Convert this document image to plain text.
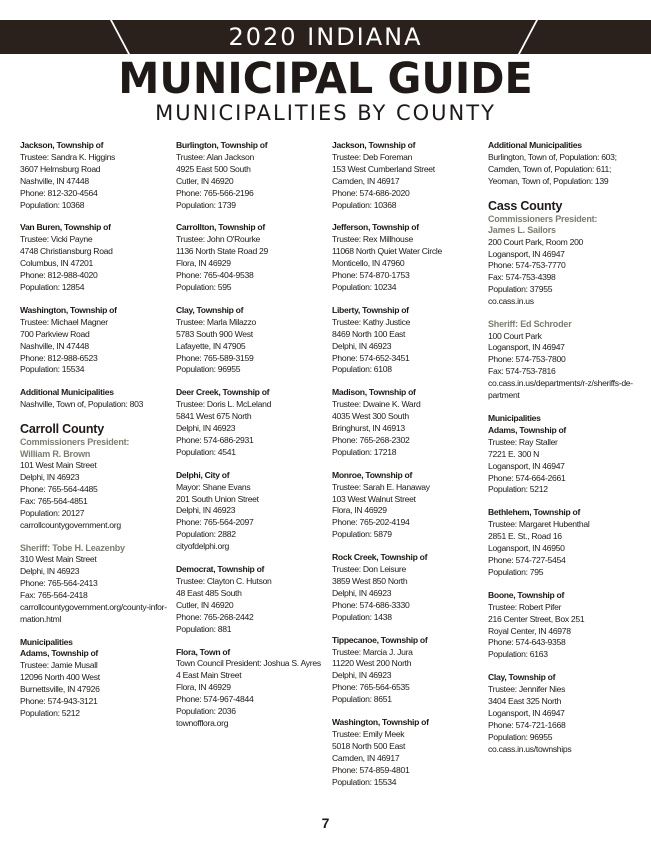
2020 INDIANA
MUNICIPAL GUIDE
MUNICIPALITIES BY COUNTY
Jackson, Township of
Trustee: Sandra K. Higgins
3607 Helmsburg Road
Nashville, IN 47448
Phone: 812-320-4564
Population: 10368
Van Buren, Township of
Trustee: Vicki Payne
4748 Christiansburg Road
Columbus, IN 47201
Phone: 812-988-4020
Population: 12854
Washington, Township of
Trustee: Michael Magner
700 Parkview Road
Nashville, IN 47448
Phone: 812-988-6523
Population: 15534
Additional Municipalities
Nashville, Town of, Population: 803
Carroll County
Commissioners President:
William R. Brown
101 West Main Street
Delphi, IN 46923
Phone: 765-564-4485
Fax: 765-564-4851
Population: 20127
carrollcountygovernment.org
Sheriff: Tobe H. Leazenby
310 West Main Street
Delphi, IN 46923
Phone: 765-564-2413
Fax: 765-564-2418
carrollcountygovernment.org/county-infor-mation.html
Municipalities
Adams, Township of
Trustee: Jamie Musall
12096 North 400 West
Burnettsville, IN 47926
Phone: 574-943-3121
Population: 5212
Burlington, Township of
Trustee: Alan Jackson
4925 East 500 South
Cutler, IN 46920
Phone: 765-566-2196
Population: 1739
Carrollton, Township of
Trustee: John O'Rourke
1136 North State Road 29
Flora, IN 46929
Phone: 765-404-9538
Population: 595
Clay, Township of
Trustee: Marla Milazzo
5783 South 900 West
Lafayette, IN 47905
Phone: 765-589-3159
Population: 96955
Deer Creek, Township of
Trustee: Doris L. McLeland
5841 West 675 North
Delphi, IN 46923
Phone: 574-686-2931
Population: 4541
Delphi, City of
Mayor: Shane Evans
201 South Union Street
Delphi, IN 46923
Phone: 765-564-2097
Population: 2882
cityofdelphi.org
Democrat, Township of
Trustee: Clayton C. Hutson
48 East 485 South
Cutler, IN 46920
Phone: 765-268-2442
Population: 881
Flora, Town of
Town Council President: Joshua S. Ayres
4 East Main Street
Flora, IN 46929
Phone: 574-967-4844
Population: 2036
townofflora.org
Jackson, Township of
Trustee: Deb Foreman
153 West Cumberland Street
Camden, IN 46917
Phone: 574-686-2020
Population: 10368
Jefferson, Township of
Trustee: Rex Millhouse
11068 North Quiet Water Circle
Monticello, IN 47960
Phone: 574-870-1753
Population: 10234
Liberty, Township of
Trustee: Kathy Justice
8469 North 100 East
Delphi, IN 46923
Phone: 574-652-3451
Population: 6108
Madison, Township of
Trustee: Dwaine K. Ward
4035 West 300 South
Bringhurst, IN 46913
Phone: 765-268-2302
Population: 17218
Monroe, Township of
Trustee: Sarah E. Hanaway
103 West Walnut Street
Flora, IN 46929
Phone: 765-202-4194
Population: 5879
Rock Creek, Township of
Trustee: Don Leisure
3859 West 850 North
Delphi, IN 46923
Phone: 574-686-3330
Population: 1438
Tippecanoe, Township of
Trustee: Marcia J. Jura
11220 West 200 North
Delphi, IN 46923
Phone: 765-564-6535
Population: 8651
Washington, Township of
Trustee: Emily Meek
5018 North 500 East
Camden, IN 46917
Phone: 574-859-4801
Population: 15534
Additional Municipalities
Burlington, Town of, Population: 603; Camden, Town of, Population: 611; Yeoman, Town of, Population: 139
Cass County
Commissioners President:
James L. Sailors
200 Court Park, Room 200
Logansport, IN 46947
Phone: 574-753-7770
Fax: 574-753-4398
Population: 37955
co.cass.in.us
Sheriff: Ed Schroder
100 Court Park
Logansport, IN 46947
Phone: 574-753-7800
Fax: 574-753-7816
co.cass.in.us/departments/r-z/sheriffs-de-partment
Municipalities
Adams, Township of
Trustee: Ray Staller
7221 E. 300 N
Logansport, IN 46947
Phone: 574-664-2661
Population: 5212
Bethlehem, Township of
Trustee: Margaret Hubenthal
2851 E. St., Road 16
Logansport, IN 46950
Phone: 574-727-5454
Population: 795
Boone, Township of
Trustee: Robert Pifer
216 Center Street, Box 251
Royal Center, IN 46978
Phone: 574-643-9358
Population: 6163
Clay, Township of
Trustee: Jennifer Nies
3404 East 325 North
Logansport, IN 46947
Phone: 574-721-1668
Population: 96955
co.cass.in.us/townships
7
